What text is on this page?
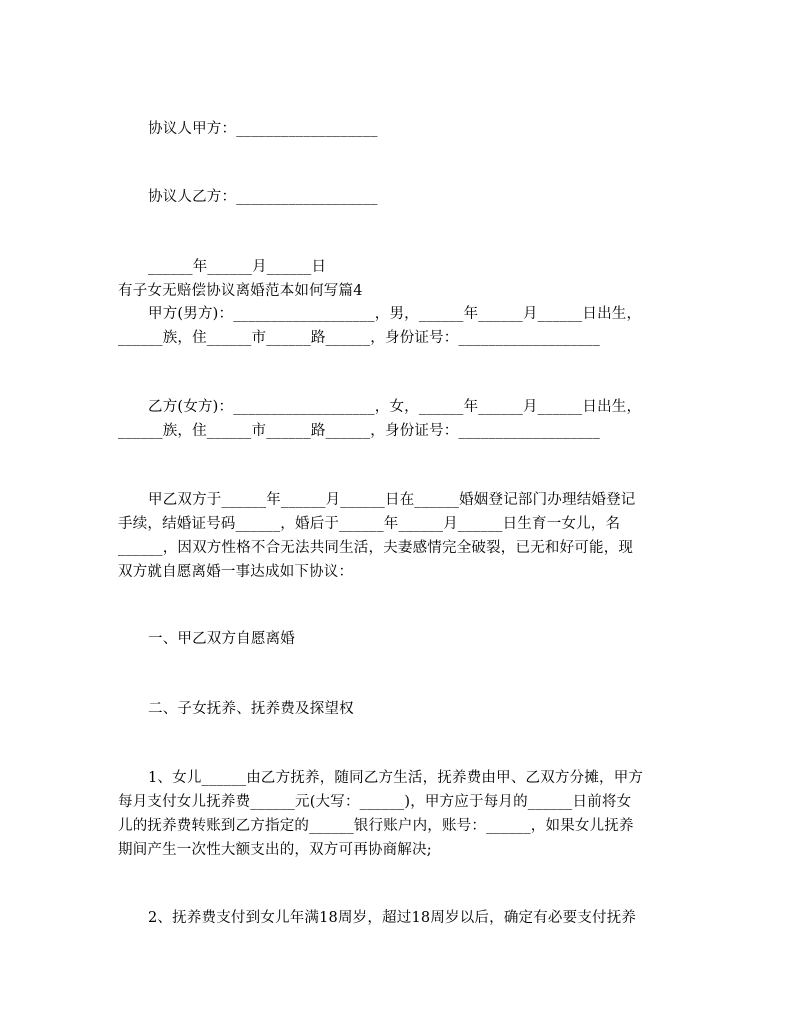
协议人甲方：___________________
协议人乙方：___________________
______年______月______日
有子女无赔偿协议离婚范本如何写篇4
甲方(男方)：___________________，男，______年______月______日出生，
______族，住______市______路______，身份证号：___________________
乙方(女方)：___________________，女，______年______月______日出生，
______族，住______市______路______，身份证号：___________________
甲乙双方于______年______月______日在______婚姻登记部门办理结婚登记
手续，结婚证号码______，婚后于______年______月______日生育一女儿，名
______，因双方性格不合无法共同生活，夫妻感情完全破裂，已无和好可能，现
双方就自愿离婚一事达成如下协议：
一、甲乙双方自愿离婚
二、子女抚养、抚养费及探望权
1、女儿______由乙方抚养，随同乙方生活，抚养费由甲、乙双方分摊，甲方
每月支付女儿抚养费______元(大写：______)，甲方应于每月的______日前将女
儿的抚养费转账到乙方指定的______银行账户内，账号：______，如果女儿抚养
期间产生一次性大额支出的，双方可再协商解决;
2、抚养费支付到女儿年满18周岁，超过18周岁以后，确定有必要支付抚养
